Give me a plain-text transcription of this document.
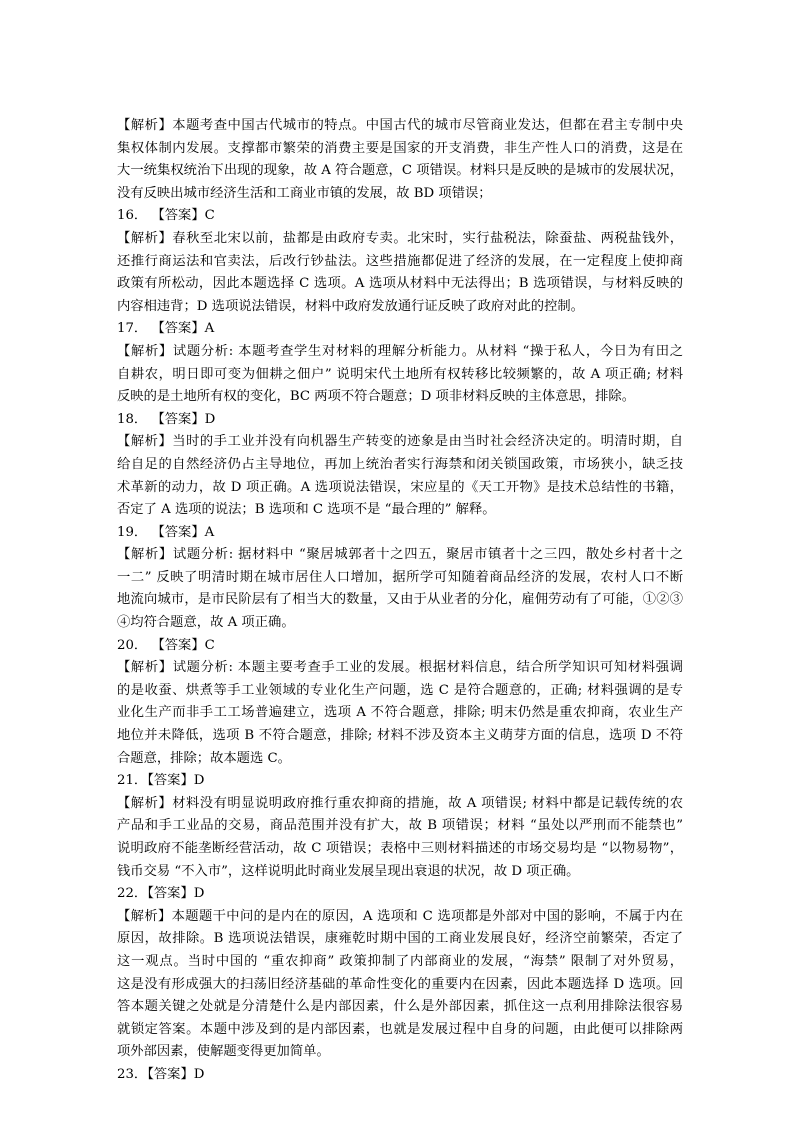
【解析】本题考查中国古代城市的特点。中国古代的城市尽管商业发达，但都在君主专制中央
集权体制内发展。支撑都市繁荣的消费主要是国家的开支消费，非生产性人口的消费，这是在
大一统集权统治下出现的现象，故 A 符合题意，C 项错误。材料只是反映的是城市的发展状况，
没有反映出城市经济生活和工商业市镇的发展，故 BD 项错误；
16． 【答案】C
【解析】春秋至北宋以前，盐都是由政府专卖。北宋时，实行盐税法，除蚕盐、两税盐钱外，
还推行商运法和官卖法，后改行钞盐法。这些措施都促进了经济的发展，在一定程度上使抑商
政策有所松动，因此本题选择 C 选项。A 选项从材料中无法得出；B 选项错误，与材料反映的
内容相违背；D 选项说法错误，材料中政府发放通行证反映了政府对此的控制。
17． 【答案】A
【解析】试题分析: 本题考查学生对材料的理解分析能力。从材料 “操于私人，今日为有田之
自耕农，明日即可变为佃耕之佃户” 说明宋代土地所有权转移比较频繁的，故 A 项正确; 材料
反映的是土地所有权的变化，BC 两项不符合题意；D 项非材料反映的主体意思，排除。
18． 【答案】D
【解析】当时的手工业并没有向机器生产转变的迹象是由当时社会经济决定的。明清时期，自
给自足的自然经济仍占主导地位，再加上统治者实行海禁和闭关锁国政策，市场狭小，缺乏技
术革新的动力，故 D 项正确。A 选项说法错误，宋应星的《天工开物》是技术总结性的书籍，
否定了 A 选项的说法；B 选项和 C 选项不是 “最合理的” 解释。
19． 【答案】A
【解析】试题分析: 据材料中 “聚居城郭者十之四五，聚居市镇者十之三四，散处乡村者十之
一二” 反映了明清时期在城市居住人口增加，据所学可知随着商品经济的发展，农村人口不断
地流向城市，是市民阶层有了相当大的数量，又由于从业者的分化，雇佣劳动有了可能，①②③
④均符合题意，故 A 项正确。
20． 【答案】C
【解析】试题分析: 本题主要考查手工业的发展。根据材料信息，结合所学知识可知材料强调
的是收蚕、烘煮等手工业领域的专业化生产问题，选 C 是符合题意的，正确; 材料强调的是专
业化生产而非手工工场普遍建立，选项 A 不符合题意，排除; 明末仍然是重农抑商，农业生产
地位并未降低，选项 B 不符合题意，排除; 材料不涉及资本主义萌芽方面的信息，选项 D 不符
合题意，排除；故本题选 C。
21．【答案】D
【解析】材料没有明显说明政府推行重农抑商的措施，故 A 项错误; 材料中都是记载传统的农
产品和手工业品的交易，商品范围并没有扩大，故 B 项错误；材料 “虽处以严刑而不能禁也”
说明政府不能垄断经营活动，故 C 项错误；表格中三则材料描述的市场交易均是 “以物易物”，
钱币交易 “不入市”，这样说明此时商业发展呈现出衰退的状况，故 D 项正确。
22．【答案】D
【解析】本题题干中问的是内在的原因，A 选项和 C 选项都是外部对中国的影响，不属于内在
原因，故排除。B 选项说法错误，康雍乾时期中国的工商业发展良好，经济空前繁荣，否定了
这一观点。当时中国的 “重农抑商” 政策抑制了内部商业的发展，“海禁” 限制了对外贸易，
这是没有形成强大的扫荡旧经济基础的革命性变化的重要内在因素，因此本题选择 D 选项。回
答本题关键之处就是分清楚什么是内部因素，什么是外部因素，抓住这一点利用排除法很容易
就锁定答案。本题中涉及到的是内部因素，也就是发展过程中自身的问题，由此便可以排除两
项外部因素，使解题变得更加简单。
23．【答案】D
